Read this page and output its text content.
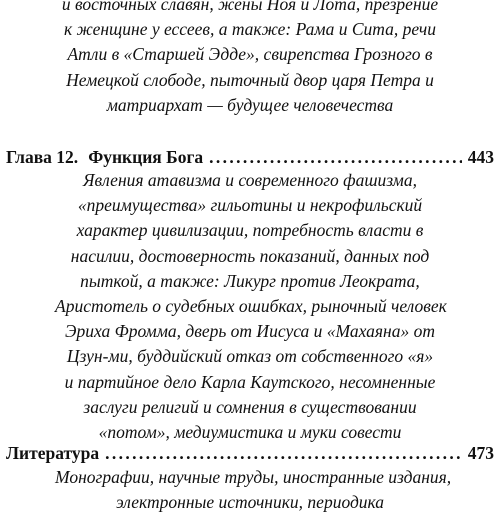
и восточных славян, жены Ноя и Лота, презрение
к женщине у ессеев, а также: Рама и Сита, речи
Атли в «Старшей Эдде», свирепства Грозного в
Немецкой слободе, пыточный двор царя Петра и
матриархат — будущее человечества
Глава 12. Функция Бога . . .	443
Явления атавизма и современного фашизма,
«преимущества» гильотины и некрофильский
характер цивилизации, потребность власти в
насилии, достоверность показаний, данных под
пыткой, а также: Ликург против Леократа,
Аристотель о судебных ошибках, рыночный человек
Эриха Фромма, дверь от Иисуса и «Махаяна» от
Цзун-ми, буддийский отказ от собственного «я»
и партийное дело Карла Каутского, несомненные
заслуги религий и сомнения в существовании
«потом», медиумистика и муки совести
Литература . . .	473
Монографии, научные труды, иностранные издания,
электронные источники, периодика
